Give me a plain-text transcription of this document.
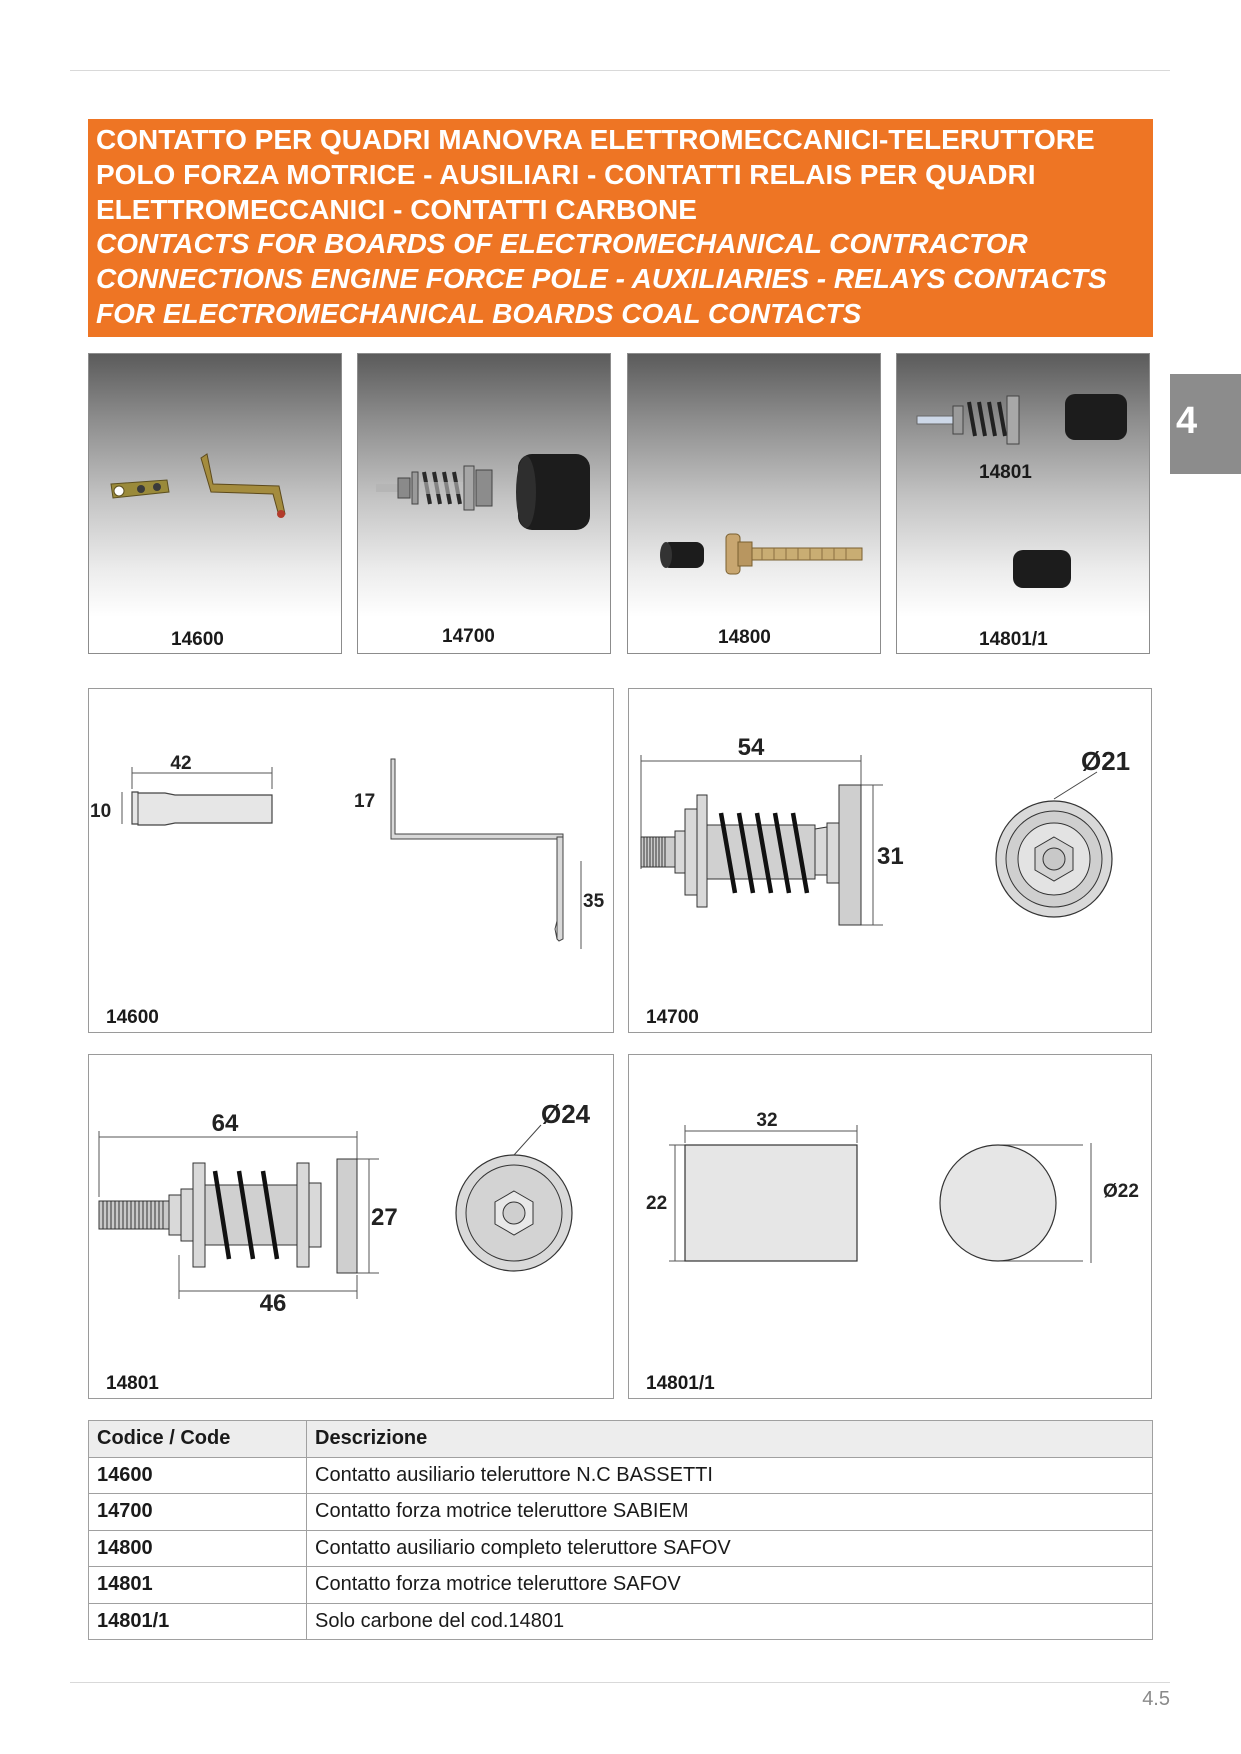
CONTATTO PER QUADRI MANOVRA ELETTROMECCANICI-TELERUTTORE
POLO FORZA MOTRICE - AUSILIARI - CONTATTI RELAIS PER QUADRI
ELETTROMECCANICI - CONTATTI CARBONE
CONTACTS FOR BOARDS OF ELECTROMECHANICAL CONTRACTOR
CONNECTIONS ENGINE FORCE POLE - AUXILIARIES - RELAYS CONTACTS
FOR ELECTROMECHANICAL BOARDS COAL CONTACTS
4
14600	14700	14800
14801
14801/1
42
10	17
35
14600
54
31
Ø21
14700
64
27
46
Ø24
14801
32
22
Ø22
14801/1
Codice / Code	Descrizione
14600	Contatto ausiliario teleruttore N.C BASSETTI
14700	Contatto forza motrice teleruttore SABIEM
14800	Contatto ausiliario completo teleruttore SAFOV
14801	Contatto forza motrice teleruttore SAFOV
14801/1	Solo carbone del cod.14801
4.5
